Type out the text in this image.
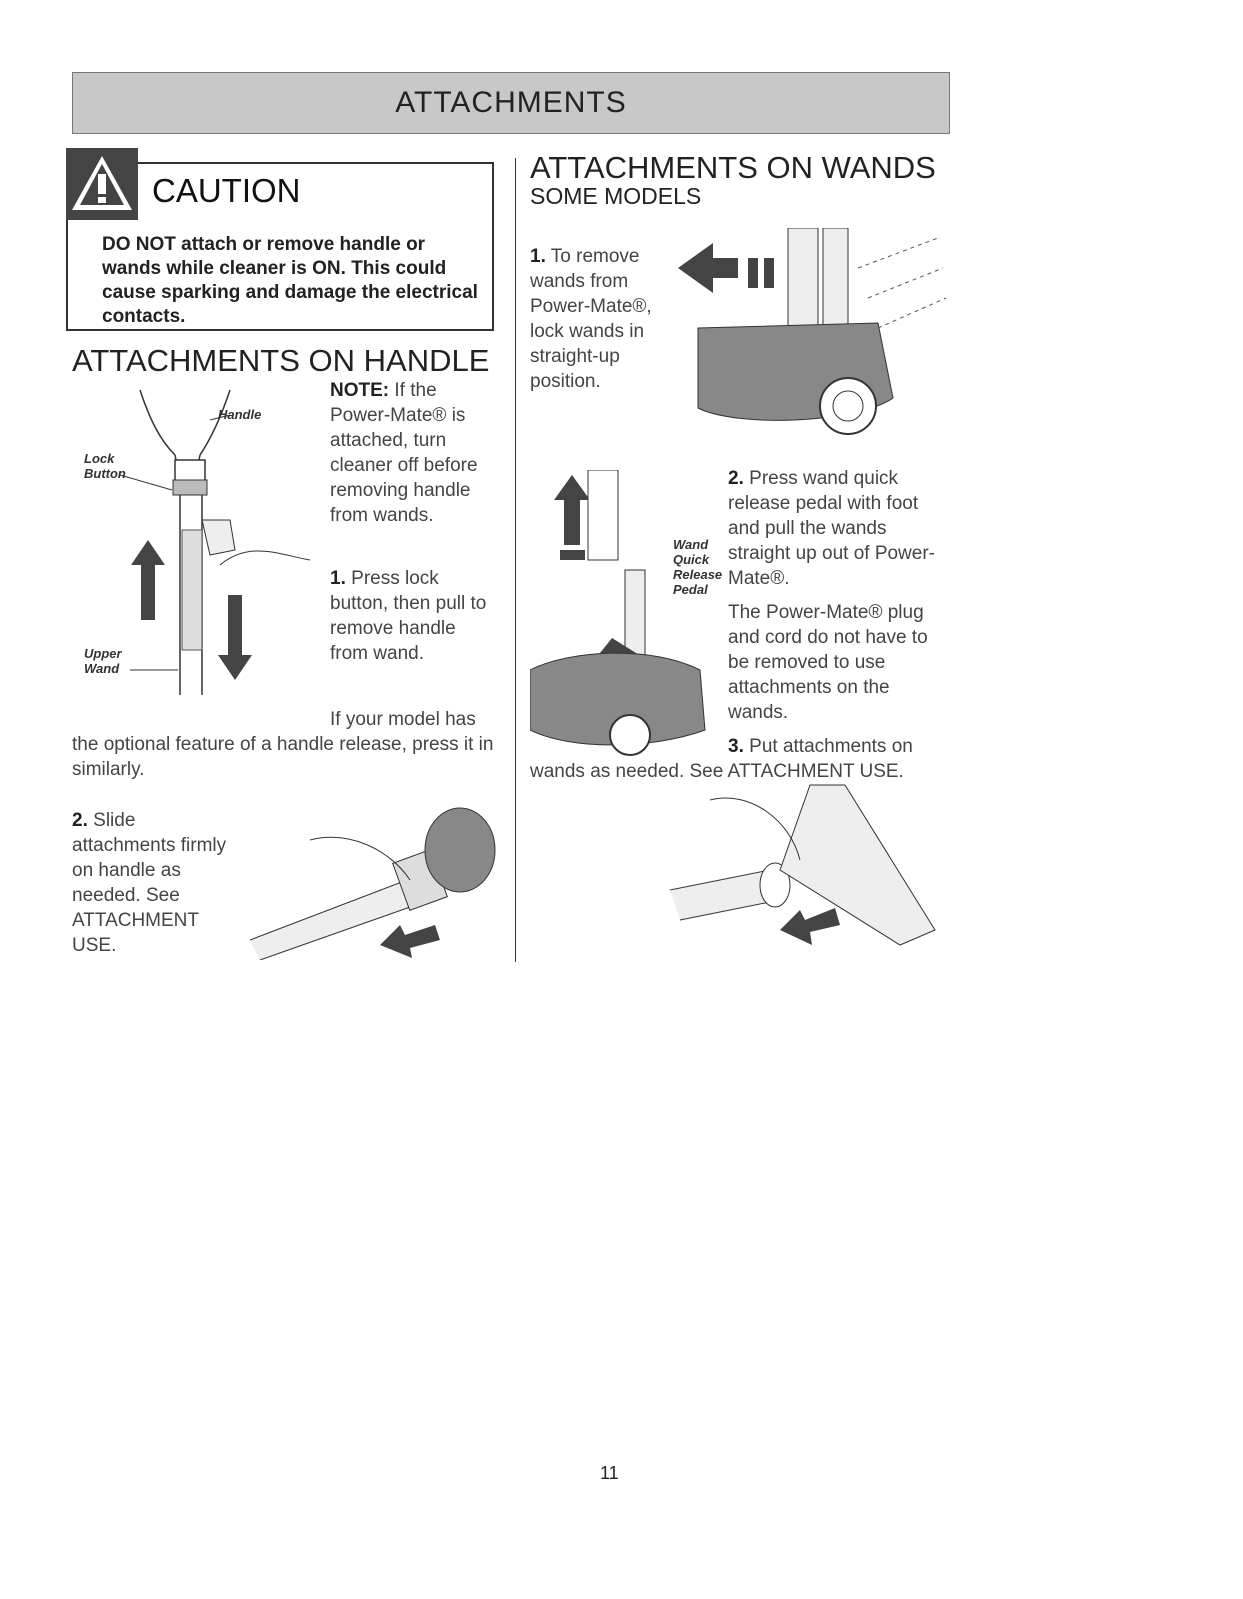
ATTACHMENTS
CAUTION
DO NOT attach or remove handle or wands while cleaner is ON. This could cause sparking and damage the electrical contacts.
ATTACHMENTS ON HANDLE
Handle
Lock Button
Upper Wand
NOTE: If the Power-Mate® is attached, turn cleaner off before removing handle from wands.
1. Press lock button, then pull to remove handle from wand.
If your model has the optional feature of a handle release, press it in similarly.
2. Slide attachments firmly on handle as needed. See ATTACHMENT USE.
ATTACHMENTS ON WANDS
SOME MODELS
1. To remove wands from Power-Mate®, lock wands in straight-up position.
Wand Quick Release Pedal
2. Press wand quick release pedal with foot and pull the wands straight up out of Power-Mate®.
The Power-Mate® plug and cord do not have to be removed to use attachments on the wands.
3. Put attachments on wands as needed. See ATTACHMENT USE.
11
